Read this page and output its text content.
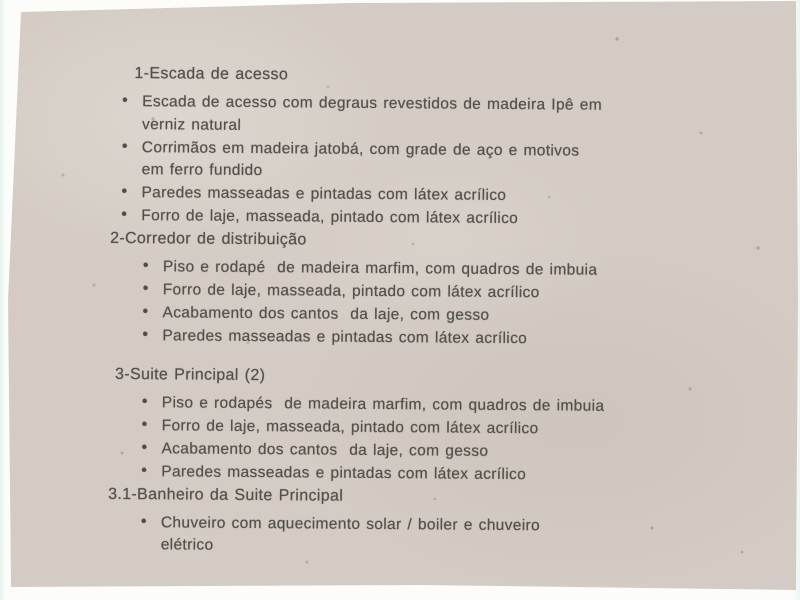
1-Escada de acesso
• Escada de acesso com degraus revestidos de madeira Ipê em
verniz natural
• Corrimãos em madeira jatobá, com grade de aço e motivos
em ferro fundido
• Paredes masseadas e pintadas com látex acrílico
• Forro de laje, masseada, pintado com látex acrílico
2-Corredor de distribuição
• Piso e rodapé  de madeira marfim, com quadros de imbuia
• Forro de laje, masseada, pintado com látex acrílico
• Acabamento dos cantos  da laje, com gesso
• Paredes masseadas e pintadas com látex acrílico
3-Suite Principal (2)
• Piso e rodapés  de madeira marfim, com quadros de imbuia
• Forro de laje, masseada, pintado com látex acrílico
• Acabamento dos cantos  da laje, com gesso
• Paredes masseadas e pintadas com látex acrílico
3.1-Banheiro da Suite Principal
• Chuveiro com aquecimento solar / boiler e chuveiro
elétrico
